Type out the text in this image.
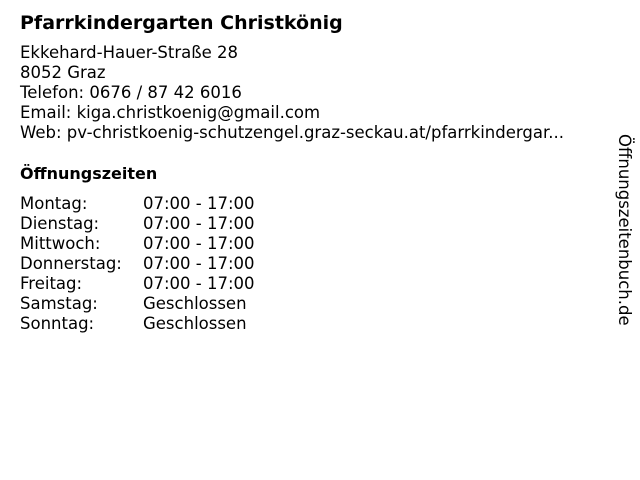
Pfarrkindergarten Christkönig
Ekkehard-Hauer-Straße 28
8052 Graz
Telefon: 0676 / 87 42 6016
Email: kiga.christkoenig@gmail.com
Web: pv-christkoenig-schutzengel.graz-seckau.at/pfarrkindergar...
Öffnungszeiten
Montag:	07:00 - 17:00
Dienstag:	07:00 - 17:00
Mittwoch:	07:00 - 17:00
Donnerstag:	07:00 - 17:00
Freitag:	07:00 - 17:00
Samstag:	Geschlossen
Sonntag:	Geschlossen	Öffnungszeitenbuch.de
